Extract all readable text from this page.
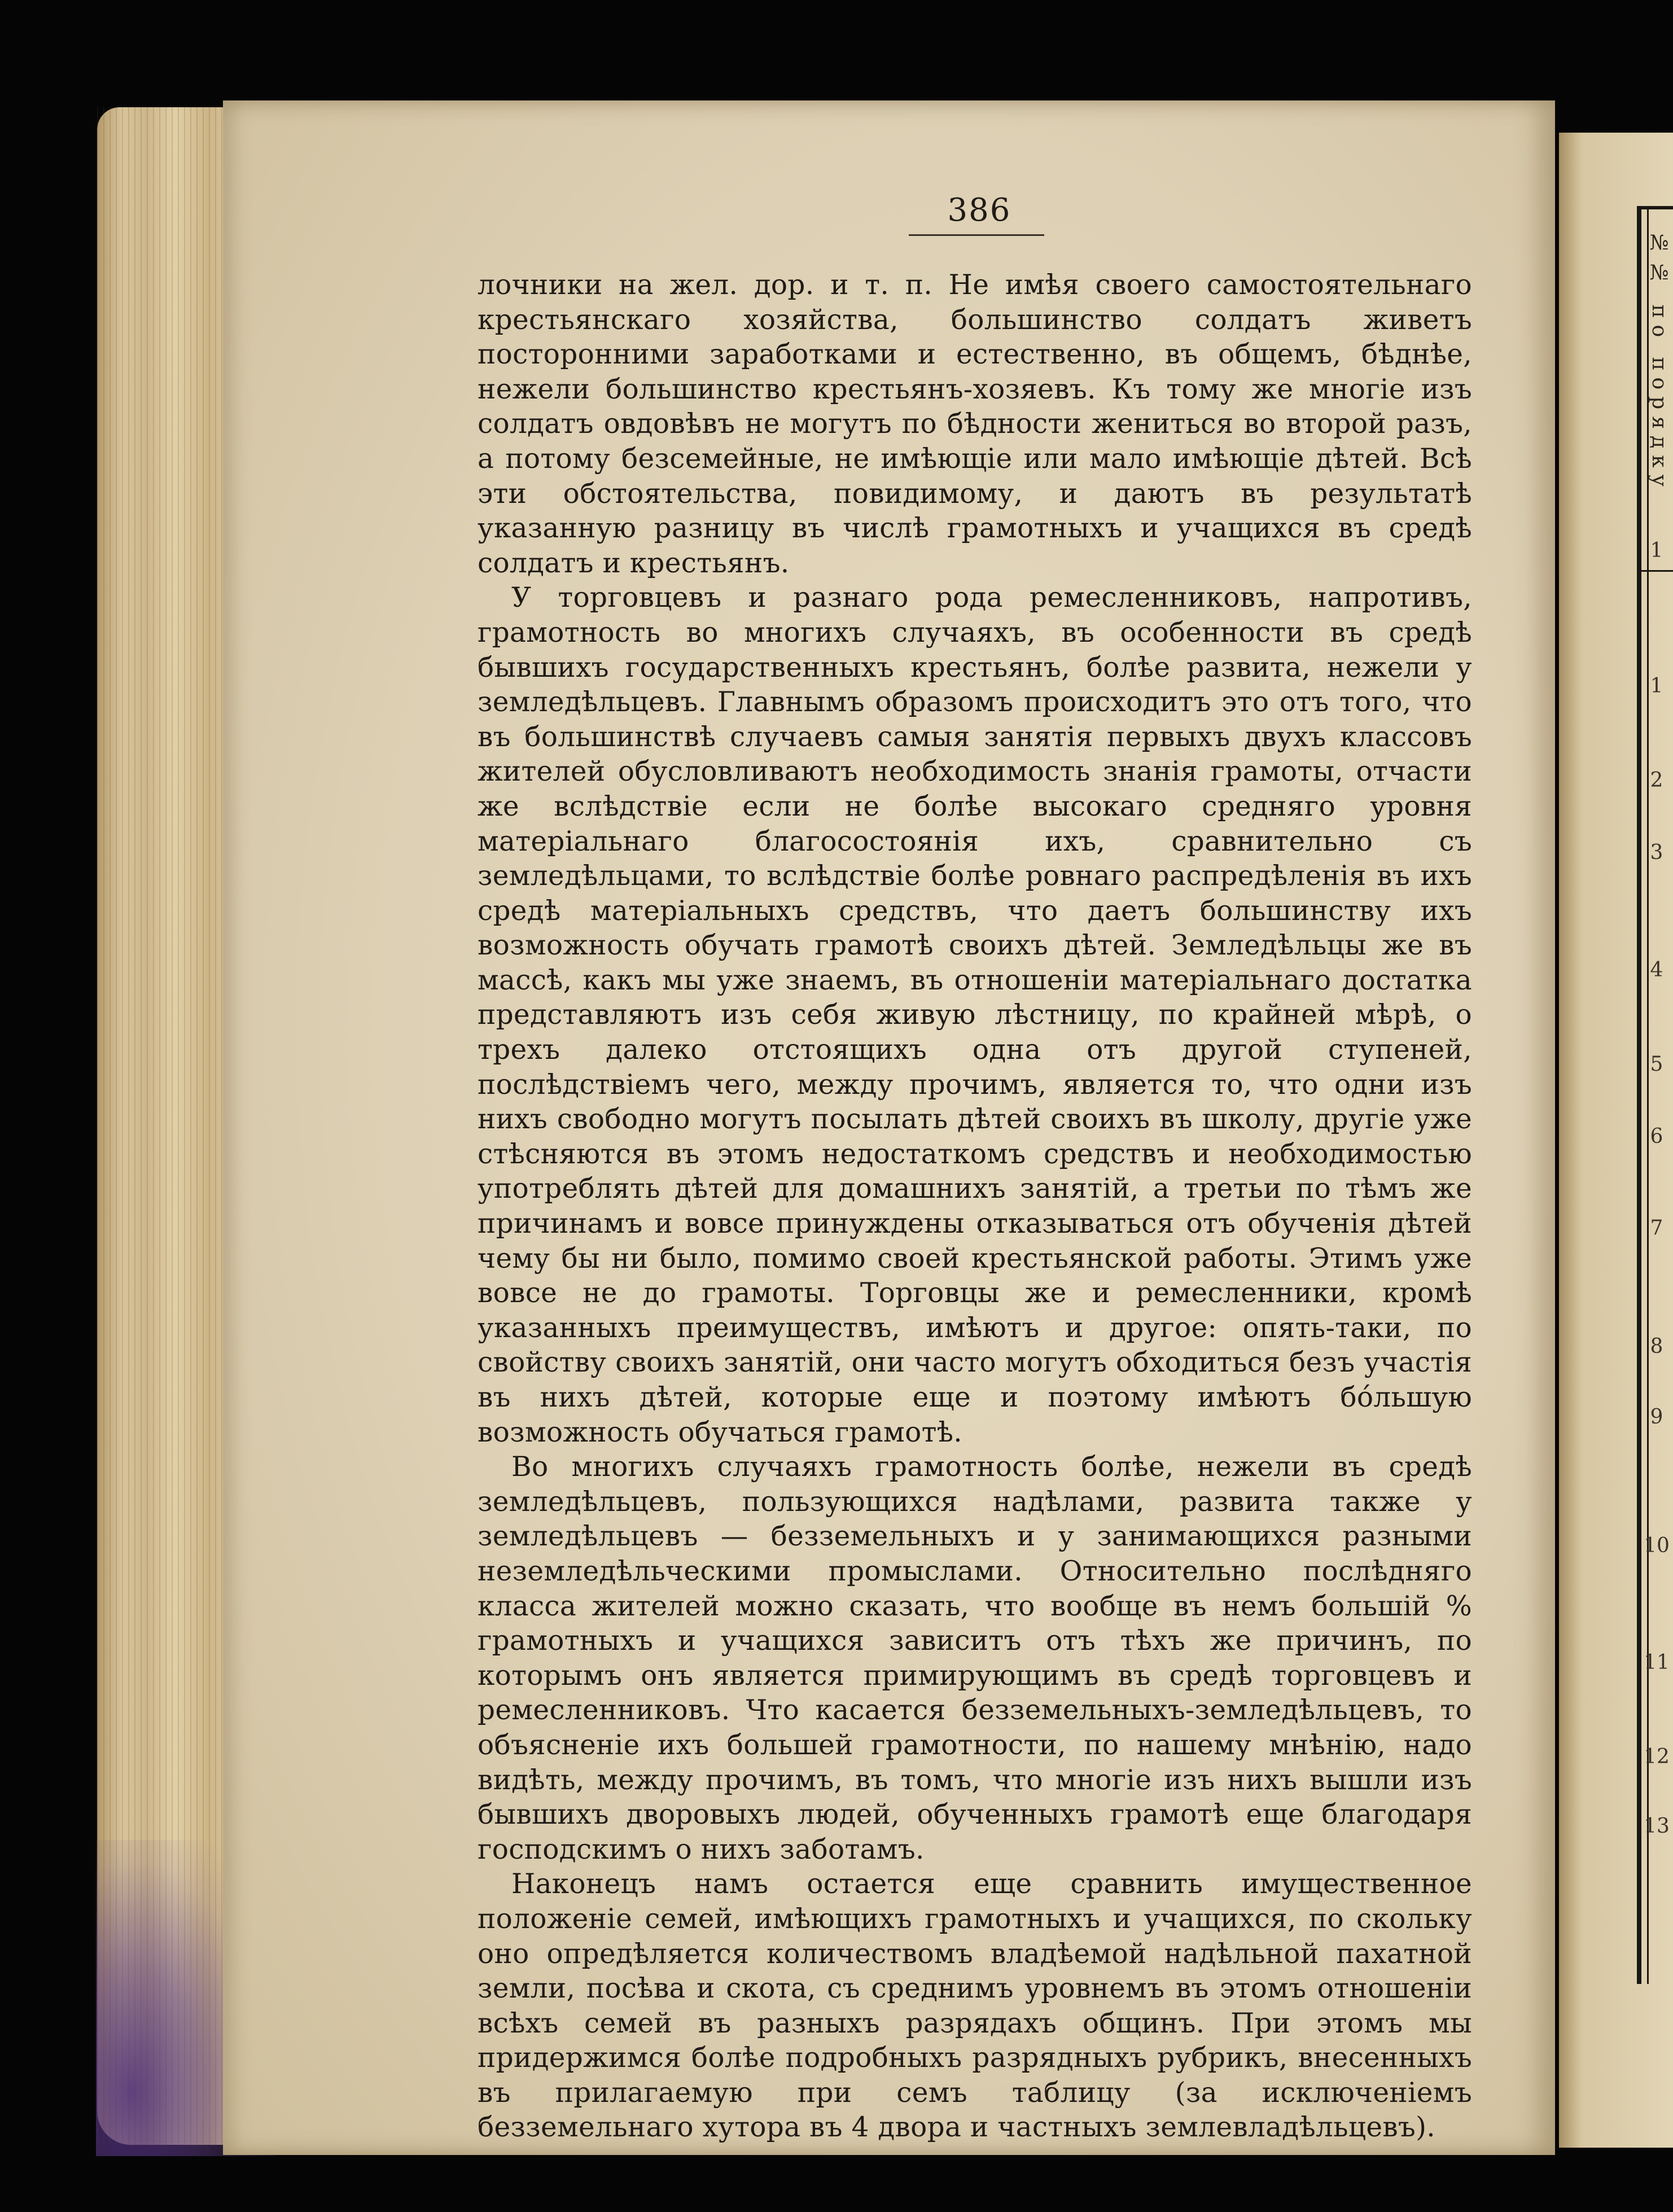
№№ по порядку
1
1
2
3
4
5
6
7
8
9
10
11
12
13
386

лочники на жел. дор. и т. п. Не имѣя своего самостоятельнаго крестьянскаго хозяйства, большинство солдатъ живетъ посторонними заработками и естественно, въ общемъ, бѣднѣе, нежели большинство крестьянъ-хозяевъ. Къ тому же многіе изъ солдатъ овдовѣвъ не могутъ по бѣдности жениться во второй разъ, а потому безсемейные, не имѣющіе или мало имѣющіе дѣтей. Всѣ эти обстоятельства, повидимому, и даютъ въ результатѣ указанную разницу въ числѣ грамотныхъ и учащихся въ средѣ солдатъ и крестьянъ.

У торговцевъ и разнаго рода ремесленниковъ, напротивъ, грамотность во многихъ случаяхъ, въ особенности въ средѣ бывшихъ государственныхъ крестьянъ, болѣе развита, нежели у земледѣльцевъ. Главнымъ образомъ происходитъ это отъ того, что въ большинствѣ случаевъ самыя занятія первыхъ двухъ классовъ жителей обусловливаютъ необходимость знанія грамоты, отчасти же вслѣдствіе если не болѣе высокаго средняго уровня матеріальнаго благосостоянія ихъ, сравнительно съ земледѣльцами, то вслѣдствіе болѣе ровнаго распредѣленія въ ихъ средѣ матеріальныхъ средствъ, что даетъ большинству ихъ возможность обучать грамотѣ своихъ дѣтей. Земледѣльцы же въ массѣ, какъ мы уже знаемъ, въ отношеніи матеріальнаго достатка представляютъ изъ себя живую лѣстницу, по крайней мѣрѣ, о трехъ далеко отстоящихъ одна отъ другой ступеней, послѣдствіемъ чего, между прочимъ, является то, что одни изъ нихъ свободно могутъ посылать дѣтей своихъ въ школу, другіе уже стѣсняются въ этомъ недостаткомъ средствъ и необходимостью употреблять дѣтей для домашнихъ занятій, а третьи по тѣмъ же причинамъ и вовсе принуждены отказываться отъ обученія дѣтей чему бы ни было, помимо своей крестьянской работы. Этимъ уже вовсе не до грамоты. Торговцы же и ремесленники, кромѣ указанныхъ преимуществъ, имѣютъ и другое: опять-таки, по свойству своихъ занятій, они часто могутъ обходиться безъ участія въ нихъ дѣтей, которые еще и поэтому имѣютъ бóльшую возможность обучаться грамотѣ.

Во многихъ случаяхъ грамотность болѣе, нежели въ средѣ земледѣльцевъ, пользующихся надѣлами, развита также у земледѣльцевъ — безземельныхъ и у занимающихся разными неземледѣльческими промыслами. Относительно послѣдняго класса жителей можно сказать, что вообще въ немъ большій % грамотныхъ и учащихся зависитъ отъ тѣхъ же причинъ, по которымъ онъ является примирующимъ въ средѣ торговцевъ и ремесленниковъ. Что касается безземельныхъ-земледѣльцевъ, то объясненіе ихъ большей грамотности, по нашему мнѣнію, надо видѣть, между прочимъ, въ томъ, что многіе изъ нихъ вышли изъ бывшихъ дворовыхъ людей, обученныхъ грамотѣ еще благодаря господскимъ о нихъ заботамъ.

Наконецъ намъ остается еще сравнить имущественное положеніе семей, имѣющихъ грамотныхъ и учащихся, по скольку оно опредѣляется количествомъ владѣемой надѣльной пахатной земли, посѣва и скота, съ среднимъ уровнемъ въ этомъ отношеніи всѣхъ семей въ разныхъ разрядахъ общинъ. При этомъ мы придержимся болѣе подробныхъ разрядныхъ рубрикъ, внесенныхъ въ прилагаемую при семъ таблицу (за исключеніемъ безземельнаго хутора въ 4 двора и частныхъ землевладѣльцевъ).
